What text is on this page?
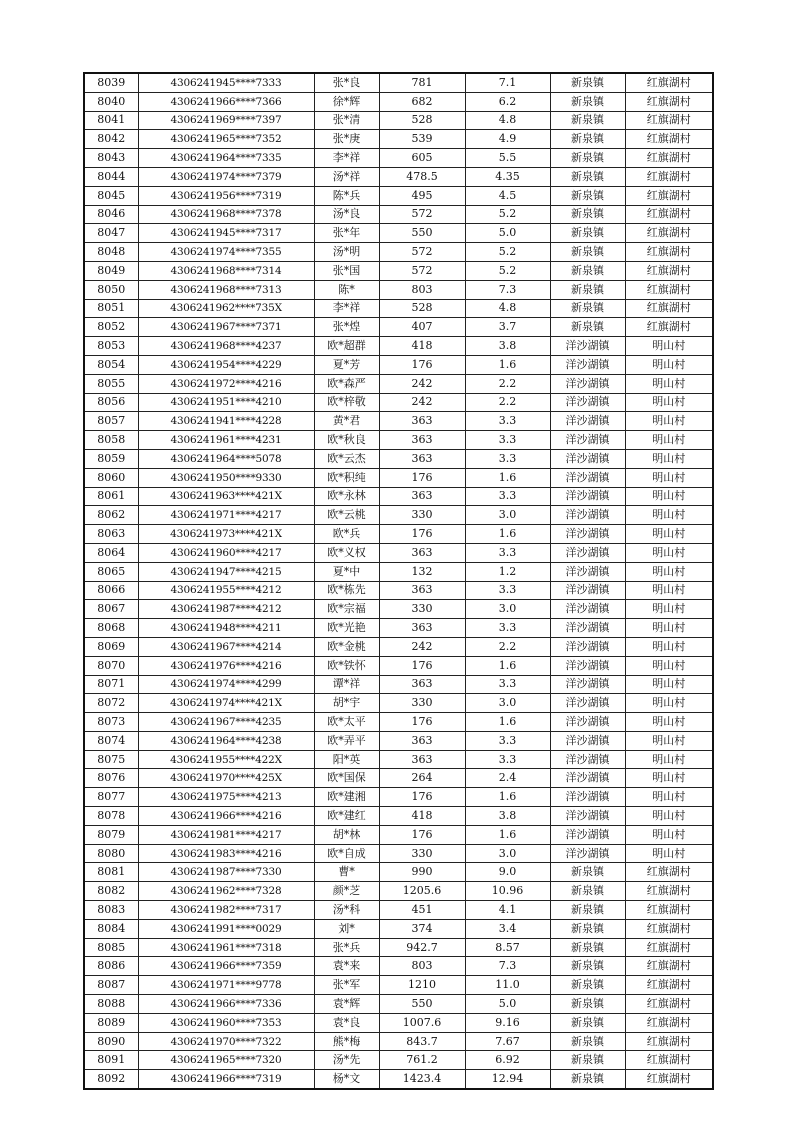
8039	4306241945****7333	张*良	781	7.1	新泉镇	红旗湖村
8040	4306241966****7366	徐*辉	682	6.2	新泉镇	红旗湖村
8041	4306241969****7397	张*清	528	4.8	新泉镇	红旗湖村
8042	4306241965****7352	张*庚	539	4.9	新泉镇	红旗湖村
8043	4306241964****7335	李*祥	605	5.5	新泉镇	红旗湖村
8044	4306241974****7379	汤*祥	478.5	4.35	新泉镇	红旗湖村
8045	4306241956****7319	陈*兵	495	4.5	新泉镇	红旗湖村
8046	4306241968****7378	汤*良	572	5.2	新泉镇	红旗湖村
8047	4306241945****7317	张*年	550	5.0	新泉镇	红旗湖村
8048	4306241974****7355	汤*明	572	5.2	新泉镇	红旗湖村
8049	4306241968****7314	张*国	572	5.2	新泉镇	红旗湖村
8050	4306241968****7313	陈*	803	7.3	新泉镇	红旗湖村
8051	4306241962****735X	李*祥	528	4.8	新泉镇	红旗湖村
8052	4306241967****7371	张*煌	407	3.7	新泉镇	红旗湖村
8053	4306241968****4237	欧*超群	418	3.8	洋沙湖镇	明山村
8054	4306241954****4229	夏*芳	176	1.6	洋沙湖镇	明山村
8055	4306241972****4216	欧*森严	242	2.2	洋沙湖镇	明山村
8056	4306241951****4210	欧*梓敬	242	2.2	洋沙湖镇	明山村
8057	4306241941****4228	黄*君	363	3.3	洋沙湖镇	明山村
8058	4306241961****4231	欧*秋良	363	3.3	洋沙湖镇	明山村
8059	4306241964****5078	欧*云杰	363	3.3	洋沙湖镇	明山村
8060	4306241950****9330	欧*积纯	176	1.6	洋沙湖镇	明山村
8061	4306241963****421X	欧*永林	363	3.3	洋沙湖镇	明山村
8062	4306241971****4217	欧*云桃	330	3.0	洋沙湖镇	明山村
8063	4306241973****421X	欧*兵	176	1.6	洋沙湖镇	明山村
8064	4306241960****4217	欧*义权	363	3.3	洋沙湖镇	明山村
8065	4306241947****4215	夏*中	132	1.2	洋沙湖镇	明山村
8066	4306241955****4212	欧*栋先	363	3.3	洋沙湖镇	明山村
8067	4306241987****4212	欧*宗福	330	3.0	洋沙湖镇	明山村
8068	4306241948****4211	欧*光艳	363	3.3	洋沙湖镇	明山村
8069	4306241967****4214	欧*金桃	242	2.2	洋沙湖镇	明山村
8070	4306241976****4216	欧*铁怀	176	1.6	洋沙湖镇	明山村
8071	4306241974****4299	谭*祥	363	3.3	洋沙湖镇	明山村
8072	4306241974****421X	胡*宇	330	3.0	洋沙湖镇	明山村
8073	4306241967****4235	欧*太平	176	1.6	洋沙湖镇	明山村
8074	4306241964****4238	欧*弄平	363	3.3	洋沙湖镇	明山村
8075	4306241955****422X	阳*英	363	3.3	洋沙湖镇	明山村
8076	4306241970****425X	欧*国保	264	2.4	洋沙湖镇	明山村
8077	4306241975****4213	欧*建湘	176	1.6	洋沙湖镇	明山村
8078	4306241966****4216	欧*建红	418	3.8	洋沙湖镇	明山村
8079	4306241981****4217	胡*林	176	1.6	洋沙湖镇	明山村
8080	4306241983****4216	欧*自成	330	3.0	洋沙湖镇	明山村
8081	4306241987****7330	曹*	990	9.0	新泉镇	红旗湖村
8082	4306241962****7328	颜*芝	1205.6	10.96	新泉镇	红旗湖村
8083	4306241982****7317	汤*科	451	4.1	新泉镇	红旗湖村
8084	4306241991****0029	刘*	374	3.4	新泉镇	红旗湖村
8085	4306241961****7318	张*兵	942.7	8.57	新泉镇	红旗湖村
8086	4306241966****7359	袁*来	803	7.3	新泉镇	红旗湖村
8087	4306241971****9778	张*军	1210	11.0	新泉镇	红旗湖村
8088	4306241966****7336	袁*辉	550	5.0	新泉镇	红旗湖村
8089	4306241960****7353	袁*良	1007.6	9.16	新泉镇	红旗湖村
8090	4306241970****7322	熊*梅	843.7	7.67	新泉镇	红旗湖村
8091	4306241965****7320	汤*先	761.2	6.92	新泉镇	红旗湖村
8092	4306241966****7319	杨*文	1423.4	12.94	新泉镇	红旗湖村
